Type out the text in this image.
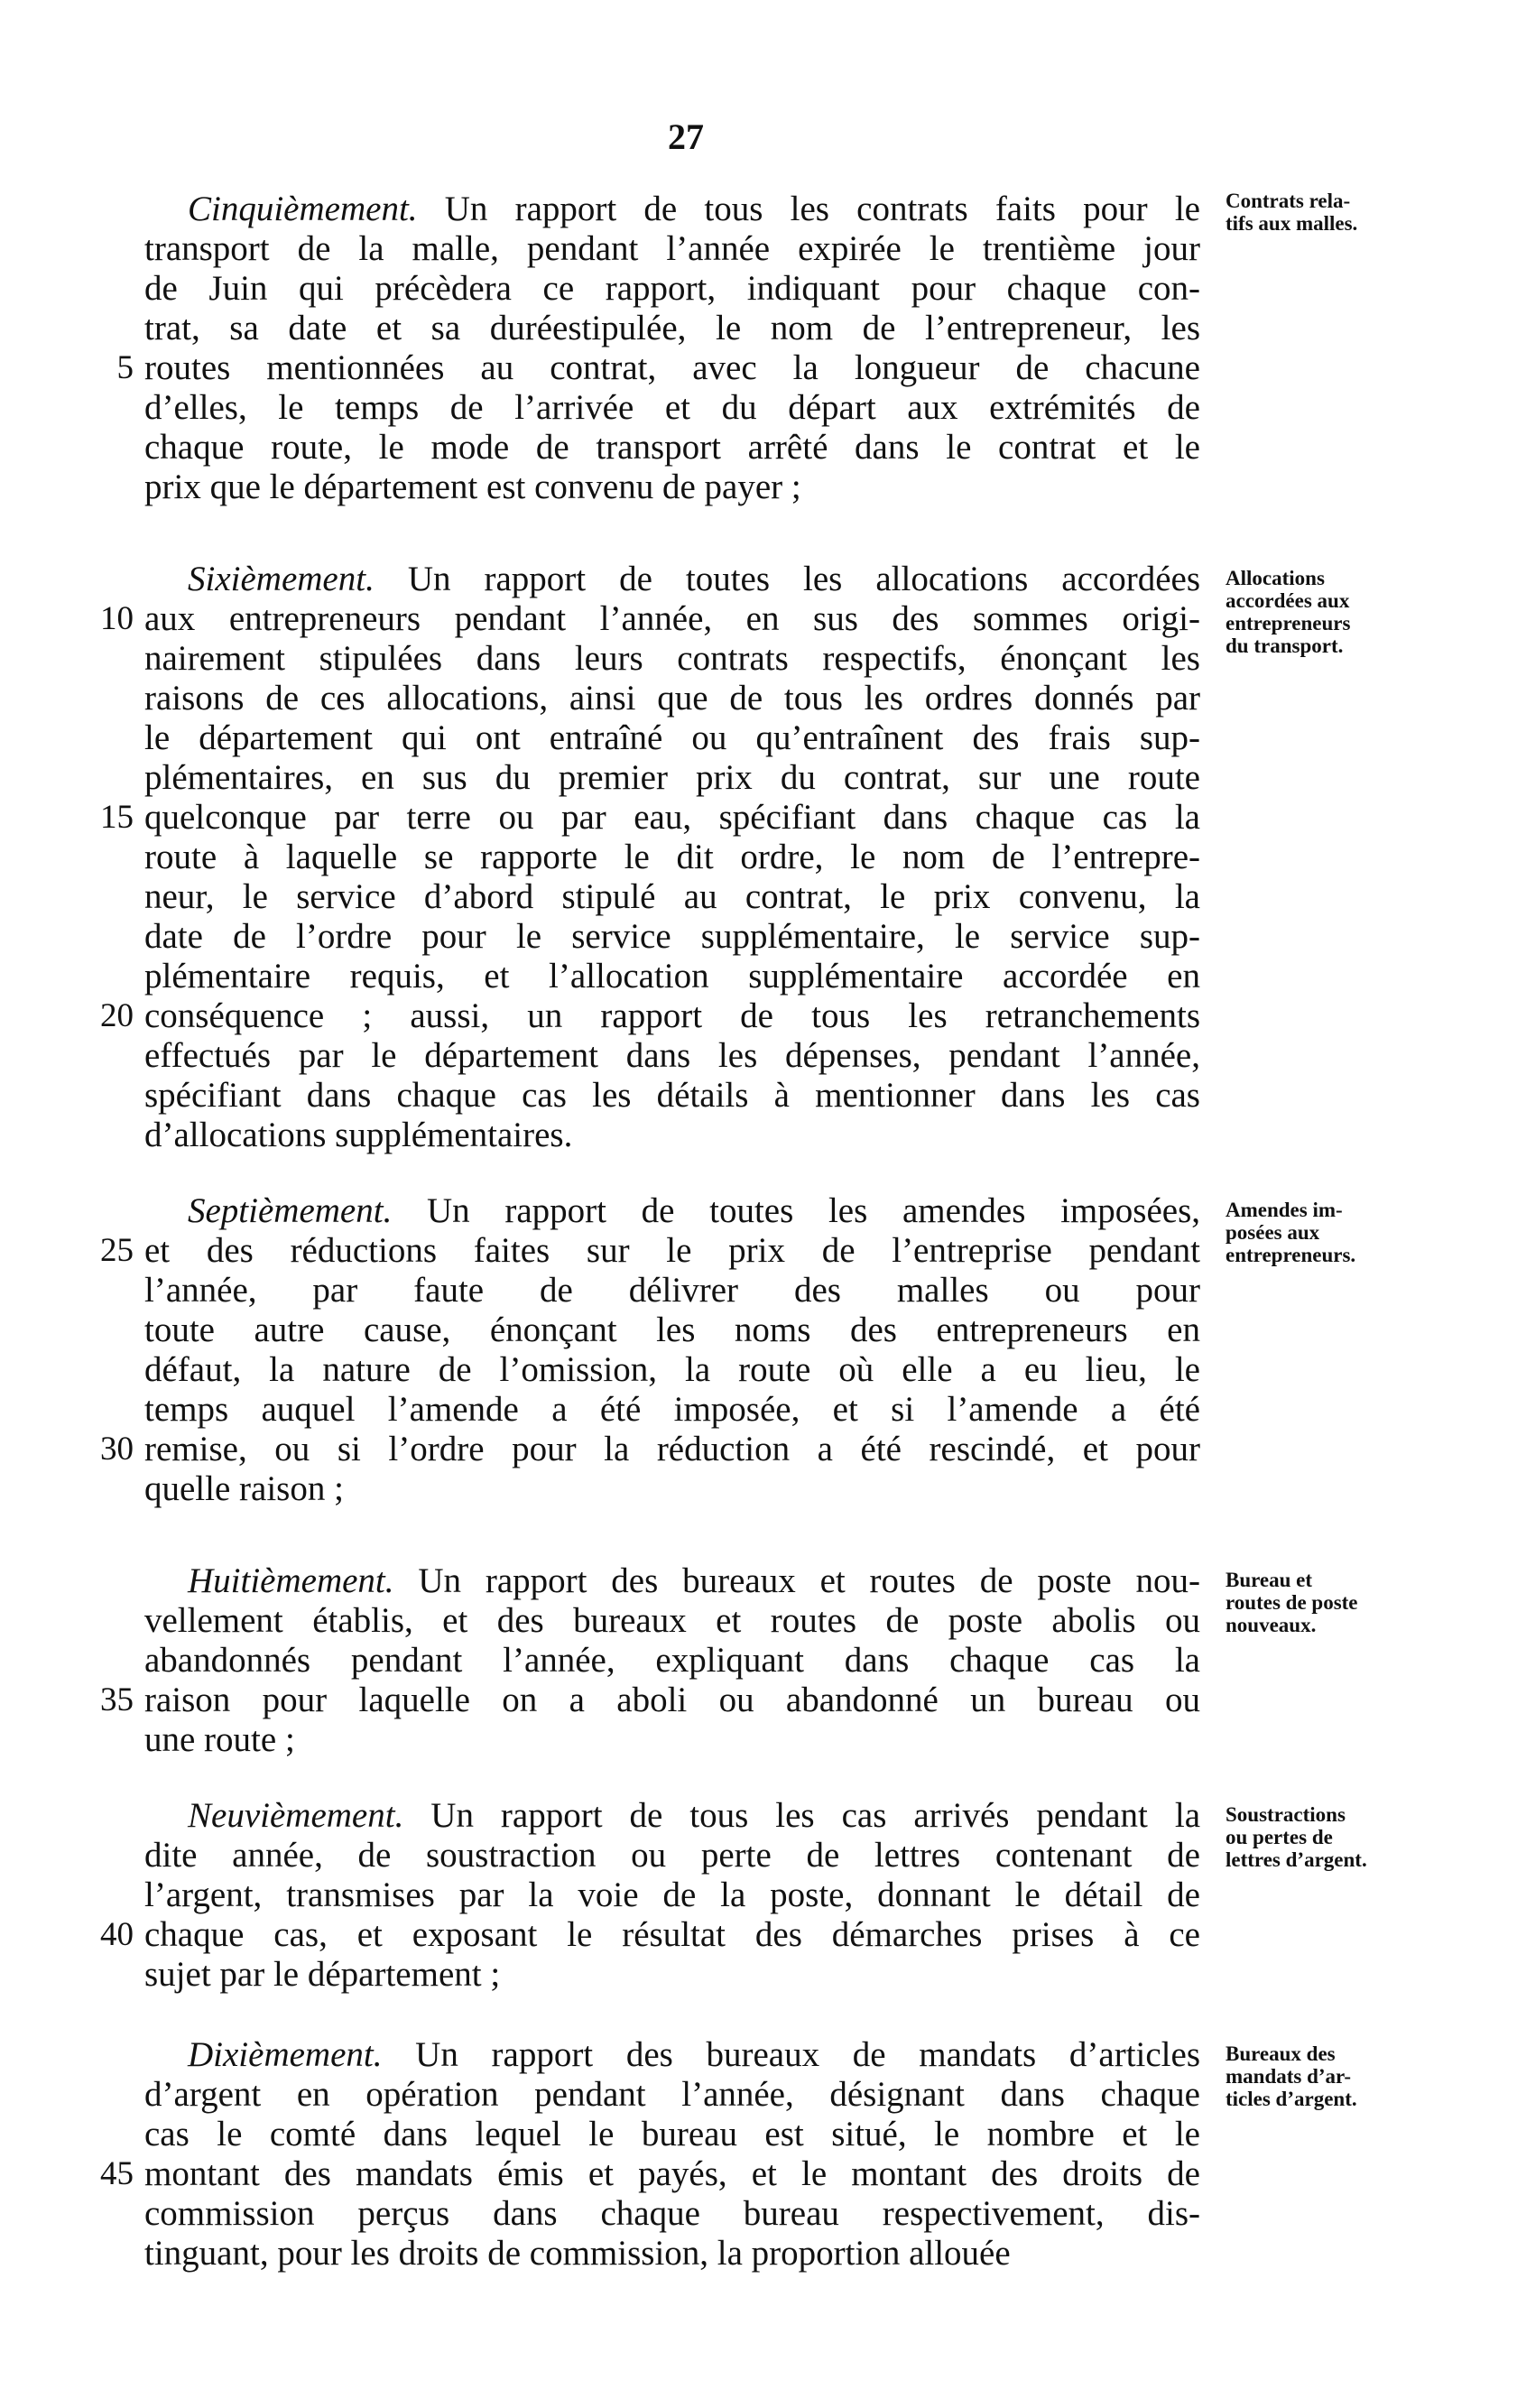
27
Cinquièmement. Un rapport de tous les contrats faits pour le
transport de la malle, pendant l’année expirée le trentième jour
de Juin qui précèdera ce rapport, indiquant pour chaque con-
trat, sa date et sa duréestipulée, le nom de l’entrepreneur, les
routes mentionnées au contrat, avec la longueur de chacune
d’elles, le temps de l’arrivée et du départ aux extrémités de
chaque route, le mode de transport arrêté dans le contrat et le
prix que le département est convenu de payer ;
Contrats rela-
tifs aux malles.
Sixièmement. Un rapport de toutes les allocations accordées
aux entrepreneurs pendant l’année, en sus des sommes origi-
nairement stipulées dans leurs contrats respectifs, énonçant les
raisons de ces allocations, ainsi que de tous les ordres donnés par
le département qui ont entraîné ou qu’entraînent des frais sup-
plémentaires, en sus du premier prix du contrat, sur une route
quelconque par terre ou par eau, spécifiant dans chaque cas la
route à laquelle se rapporte le dit ordre, le nom de l’entrepre-
neur, le service d’abord stipulé au contrat, le prix convenu, la
date de l’ordre pour le service supplémentaire, le service sup-
plémentaire requis, et l’allocation supplémentaire accordée en
conséquence ; aussi, un rapport de tous les retranchements
effectués par le département dans les dépenses, pendant l’année,
spécifiant dans chaque cas les détails à mentionner dans les cas
d’allocations supplémentaires.
Allocations
accordées aux
entrepreneurs
du transport.
Septièmement. Un rapport de toutes les amendes imposées,
et des réductions faites sur le prix de l’entreprise pendant
l’année, par faute de délivrer des malles ou pour
toute autre cause, énonçant les noms des entrepreneurs en
défaut, la nature de l’omission, la route où elle a eu lieu, le
temps auquel l’amende a été imposée, et si l’amende a été
remise, ou si l’ordre pour la réduction a été rescindé, et pour
quelle raison ;
Amendes im-
posées aux
entrepreneurs.
Huitièmement. Un rapport des bureaux et routes de poste nou-
vellement établis, et des bureaux et routes de poste abolis ou
abandonnés pendant l’année, expliquant dans chaque cas la
raison pour laquelle on a aboli ou abandonné un bureau ou
une route ;
Bureau et
routes de poste
nouveaux.
Neuvièmement. Un rapport de tous les cas arrivés pendant la
dite année, de soustraction ou perte de lettres contenant de
l’argent, transmises par la voie de la poste, donnant le détail de
chaque cas, et exposant le résultat des démarches prises à ce
sujet par le département ;
Soustractions
ou pertes de
lettres d’argent.
Dixièmement. Un rapport des bureaux de mandats d’articles
d’argent en opération pendant l’année, désignant dans chaque
cas le comté dans lequel le bureau est situé, le nombre et le
montant des mandats émis et payés, et le montant des droits de
commission perçus dans chaque bureau respectivement, dis-
tinguant, pour les droits de commission, la proportion allouée
Bureaux des
mandats d’ar-
ticles d’argent.
5
10
15
20
25
30
35
40
45
